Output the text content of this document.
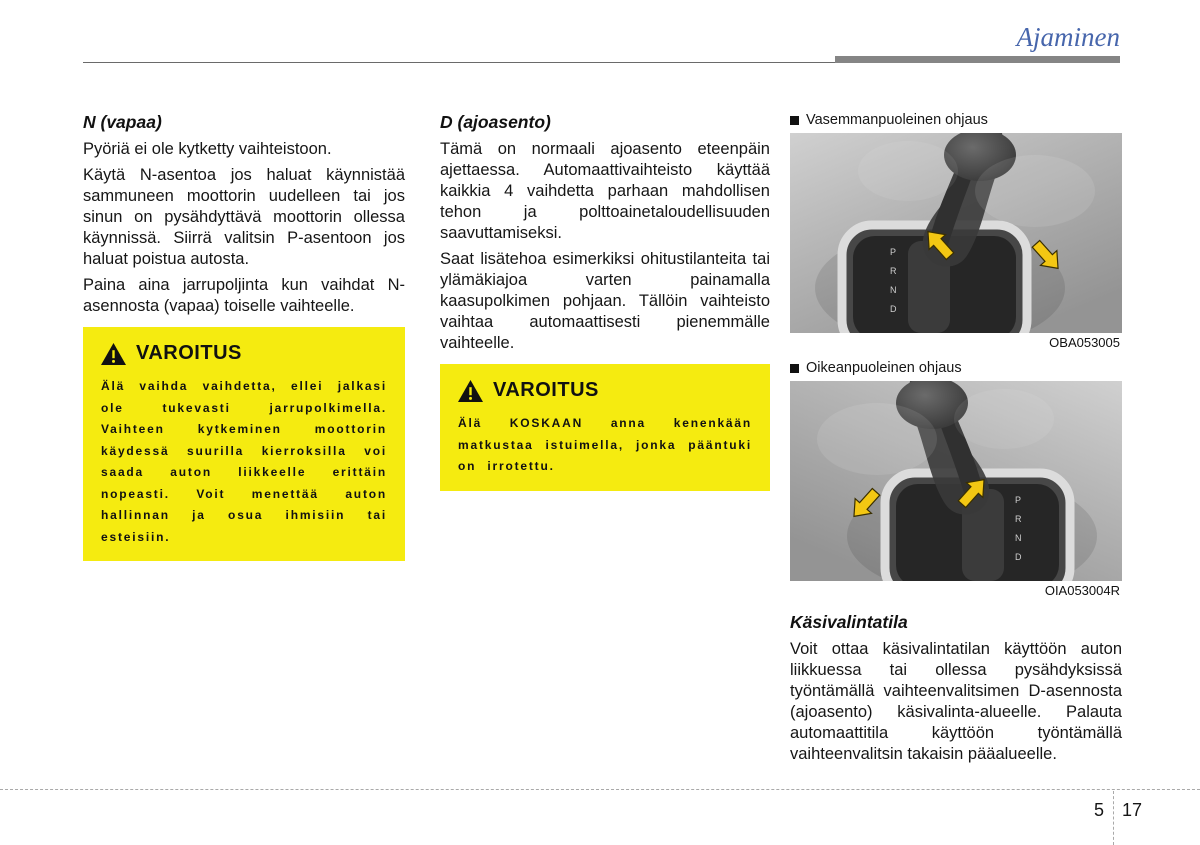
Ajaminen
N (vapaa)

Pyöriä ei ole kytketty vaihteistoon.

Käytä N-asentoa jos haluat käynnistää sammuneen moottorin uudelleen tai jos sinun on pysähdyttävä moottorin ollessa käynnissä. Siirrä valitsin P-asentoon jos haluat poistua autosta.

Paina aina jarrupoljinta kun vaihdat N-asennosta (vapaa) toiselle vaihteelle.

VAROITUS

Älä vaihda vaihdetta, ellei jalkasi ole tukevasti jarrupolkimella. Vaihteen kytkeminen moottorin käydessä suurilla kierroksilla voi saada auton liikkeelle erittäin nopeasti. Voit menettää auton hallinnan ja osua ihmisiin tai esteisiin.

D (ajoasento)

Tämä on normaali ajoasento eteenpäin ajettaessa. Automaattivaihteisto käyttää kaikkia 4 vaihdetta parhaan mahdollisen tehon ja polttoainetaloudellisuuden saavuttamiseksi.

Saat lisätehoa esimerkiksi ohitustilanteita tai ylämäkiajoa varten painamalla kaasupolkimen pohjaan. Tällöin vaihteisto vaihtaa automaattisesti pienemmälle vaihteelle.

VAROITUS

Älä KOSKAAN anna kenenkään matkustaa istuimella, jonka pääntuki on irrotettu.

Vasemmanpuoleinen ohjaus
P
R
N
D
OBA053005
Oikeanpuoleinen ohjaus
P
R
N
D
OIA053004R
Käsivalintatila

Voit ottaa käsivalintatilan käyttöön auton liikkuessa tai ollessa pysähdyksissä työntämällä vaihteenvalitsimen D-asennosta (ajoasento) käsivalinta-alueelle. Palauta automaattitila käyttöön työntämällä vaihteenvalitsin takaisin pääalueelle.

5 17
